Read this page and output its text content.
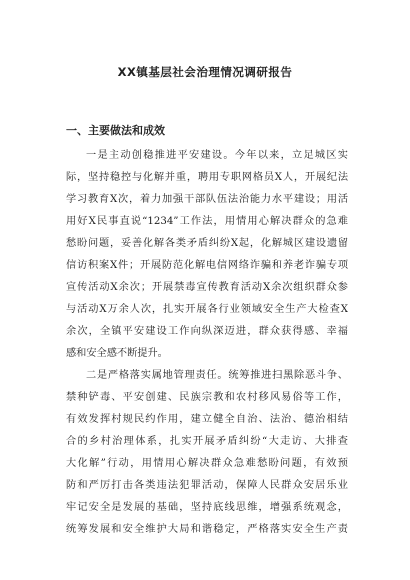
XX镇基层社会治理情况调研报告
一、主要做法和成效
一是主动创稳推进平安建设。今年以来，立足城区实
际，坚持稳控与化解并重，聘用专职网格员X人，开展纪法
学习教育X次，着力加强干部队伍法治能力水平建设；用活
用好X民事直说“1234”工作法，用情用心解决群众的急难
愁盼问题，妥善化解各类矛盾纠纷X起，化解城区建设遗留
信访积案X件；开展防范化解电信网络诈骗和养老诈骗专项
宣传活动X余次；开展禁毒宣传教育活动X余次组织群众参
与活动X万余人次，扎实开展各行业领域安全生产大检查X
余次，全镇平安建设工作向纵深迈进，群众获得感、幸福
感和安全感不断提升。
二是严格落实属地管理责任。统筹推进扫黑除恶斗争、
禁种铲毒、平安创建、民族宗教和农村移风易俗等工作，
有效发挥村规民约作用，建立健全自治、法治、德治相结
合的乡村治理体系，扎实开展矛盾纠纷“大走访、大排查
大化解”行动，用情用心解决群众急难愁盼问题，有效预
防和严厉打击各类违法犯罪活动，保障人民群众安居乐业
牢记安全是发展的基础，坚持底线思维，增强系统观念，
统筹发展和安全维护大局和谐稳定，严格落实安全生产责
